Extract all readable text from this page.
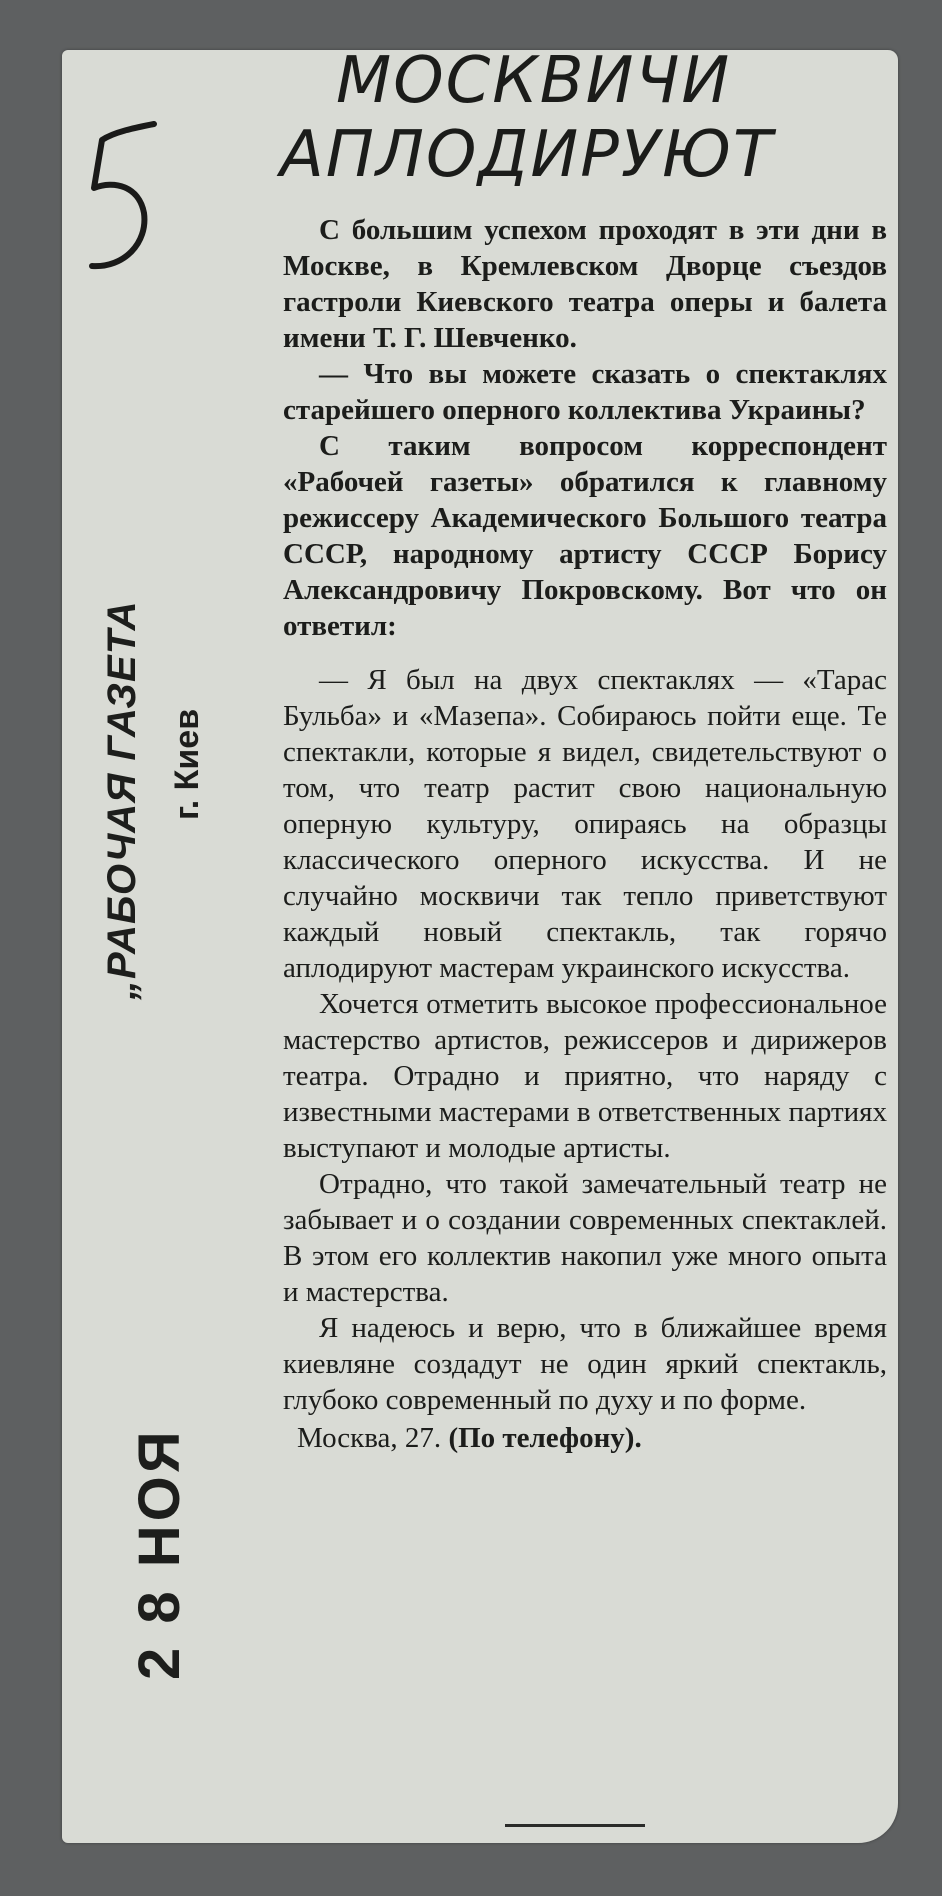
„РАБОЧАЯ ГАЗЕТА г. Киев
2 8 НОЯ
МОСКВИЧИ
АПЛОДИРУЮТ

С большим успехом проходят в эти дни в Москве, в Кремлевском Дворце съездов гастроли Киевского театра оперы и балета имени Т. Г. Шевченко.

— Что вы можете сказать о спектаклях старейшего оперного коллектива Украины?

С таким вопросом корреспондент «Рабочей газеты» обратился к главному режиссеру Академического Большого театра СССР, народному артисту СССР Борису Александровичу Покровскому. Вот что он ответил:

— Я был на двух спектаклях — «Тарас Бульба» и «Мазепа». Собираюсь пойти еще. Те спектакли, которые я видел, свидетельствуют о том, что театр растит свою национальную оперную культуру, опираясь на образцы классического оперного искусства. И не случайно москвичи так тепло приветствуют каждый новый спектакль, так горячо аплодируют мастерам украинского искусства.

Хочется отметить высокое профессиональное мастерство артистов, режиссеров и дирижеров театра. Отрадно и приятно, что наряду с известными мастерами в ответственных партиях выступают и молодые артисты.

Отрадно, что такой замечательный театр не забывает и о создании современных спектаклей. В этом его коллектив накопил уже много опыта и мастерства.

Я надеюсь и верю, что в ближайшее время киевляне создадут не один яркий спектакль, глубоко современный по духу и по форме.

Москва, 27. (По телефону).
